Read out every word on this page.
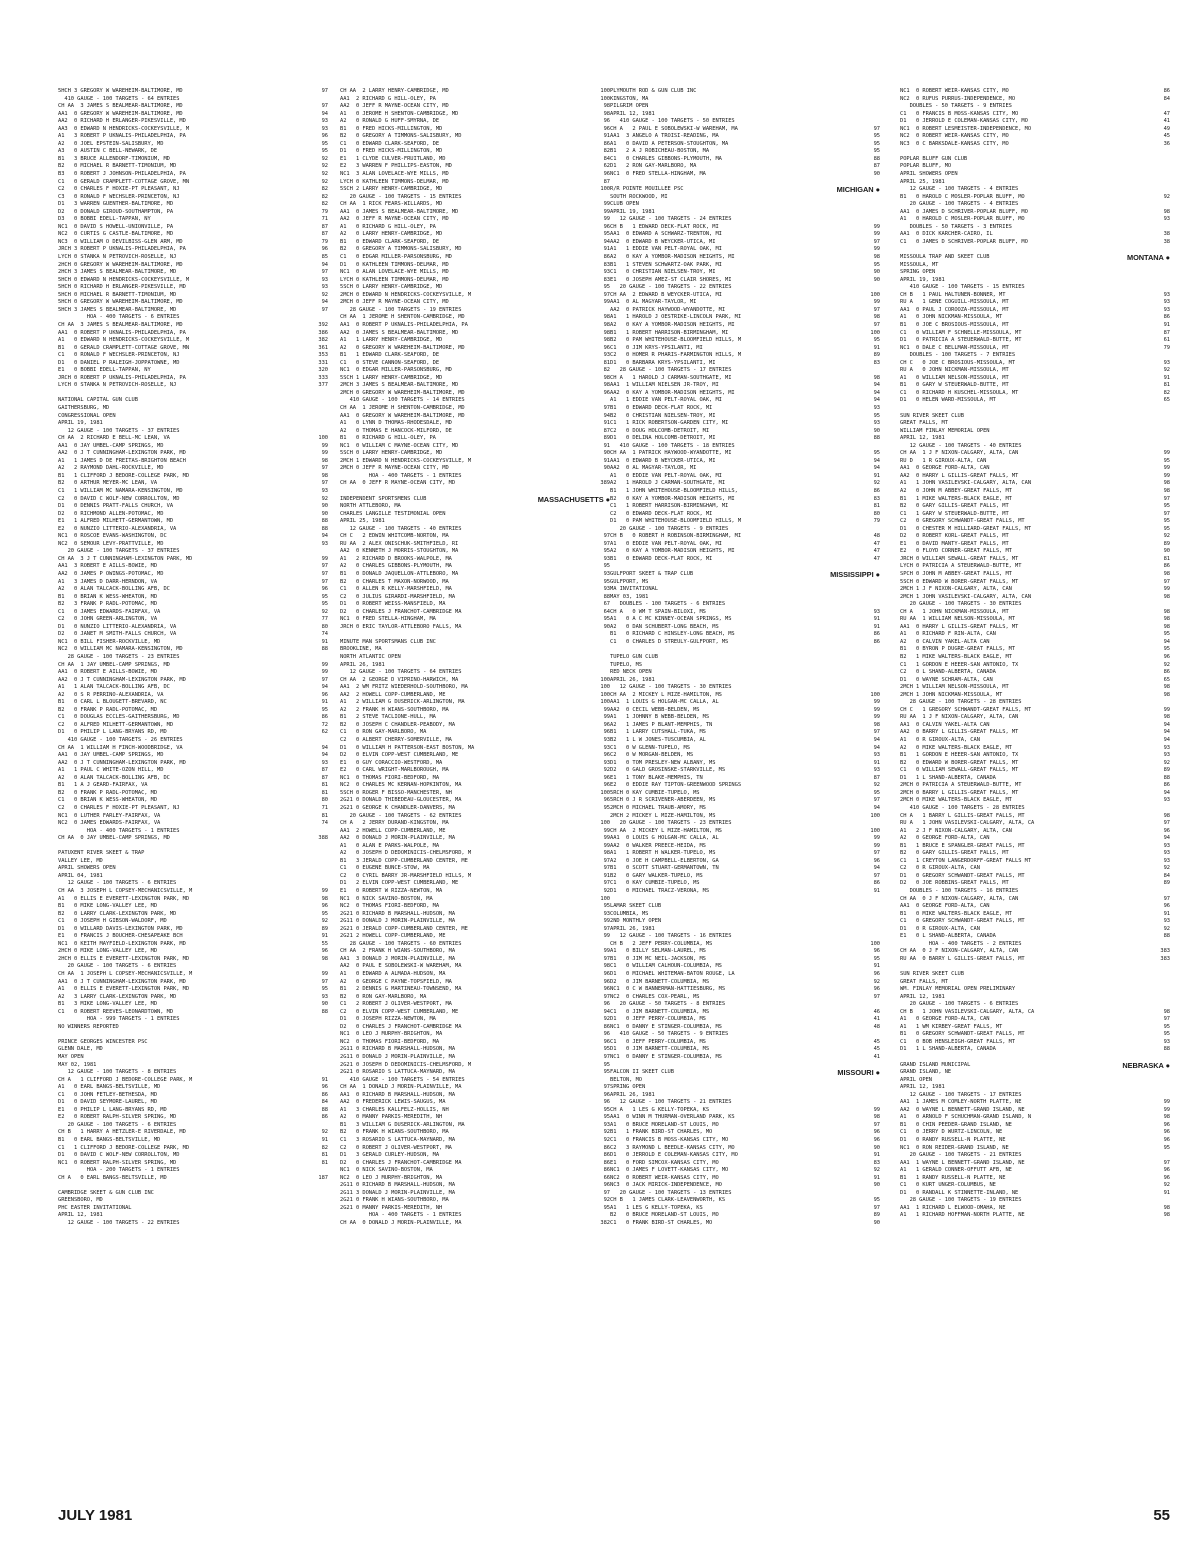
5HCH 3 GREGORY W WAREHEIM-BALTIMORE, MD	97
410 GAUGE - 100 TARGETS - 64 ENTRIES
CH AA  3 JAMES S BEALMEAR-BALTIMORE, MD	97
AA1  0 GREGORY W WAREHEIM-BALTIMORE, MD	94
AA2  0 RICHARD H ERLANGER-PIKESVILLE, MD	93
AA3  0 EDWARD N HENDRICKS-COCKEYSVILLE, M	93
A1   3 ROBERT P UKNALIS-PHILADELPHIA, PA	96
A2   0 JOEL EPSTEIN-SALISBURY, MD	95
A3   0 AUSTIN C BELL-NEWARK, DE	95
B1   3 BRUCE ALLENDORF-TIMONIUM, MD	92
B2   0 MICHAEL R BARNETT-TIMONIUM, MD	92
B3   0 ROBERT J JOHNSON-PHILADELPHIA, PA	92
C1   0 GERALD CRAMPLETT-COTTAGE GROVE, MN	92
C2   0 CHARLES F HOXIE-PT PLEASANT, NJ	82
C3   0 RONALD F WECHSLER-PRINCETON, NJ	82
D1   3 WARREN GUENTHER-BALTIMORE, MD	82
D2   0 DONALD GIROUD-SOUTHAMPTON, PA	79
D3   0 BOBBI EDELL-TAPPAN, NY	71
NC1  0 DAVID S HOWELL-UNIONVILLE, PA	87
NC2  0 CURTIS G CASTLE-BALTIMORE, MD	87
NC3  0 WILLIAM O DEVILBISS-GLEN ARM, MD	79
JRCH 3 ROBERT P UKNALIS-PHILADELPHIA, PA	96
LYCH 0 STANKA N PETROVICH-ROSELLE, NJ	85
2HCH 0 GREGORY W WAREHEIM-BALTIMORE, MD	94
2HCH 3 JAMES S BEALMEAR-BALTIMORE, MD	97
5HCH 0 EDWARD N HENDRICKS-COCKEYSVILLE, M	93
5HCH 0 RICHARD H ERLANGER-PIKESVILLE, MD	93
5HCH 0 MICHAEL R BARNETT-TIMONIUM, MD	92
5HCH 0 GREGORY W WAREHEIM-BALTIMORE, MD	94
5HCH 3 JAMES S BEALMEAR-BALTIMORE, MD	97
HOA - 400 TARGETS - 6 ENTRIES
CH AA  3 JAMES S BEALMEAR-BALTIMORE, MD	392
AA1  0 ROBERT P UKNALIS-PHILADELPHIA, PA	386
A1   0 EDWARD N HENDRICKS-COCKEYSVILLE, M	382
B1   0 GERALD CRAMPLETT-COTTAGE GROVE, MN	361
C1   0 RONALD F WECHSLER-PRINCETON, NJ	353
D1   0 DANIEL P RALEIGH-JOPPATOWNE, MD	331
E1   0 BOBBI EDELL-TAPPAN, NY	320
JRCH 0 ROBERT P UKNALIS-PHILADELPHIA, PA	333
LYCH 0 STANKA N PETROVICH-ROSELLE, NJ	377
NATIONAL CAPITAL GUN CLUB
GAITHERSBURG, MD
CONGRESSIONAL OPEN
APRIL 19, 1981
12 GAUGE - 100 TARGETS - 37 ENTRIES
CH AA  2 RICHARD E BELL-MC LEAN, VA	100
AA1  0 JAY UMBEL-CAMP SPRINGS, MD	99
AA2  0 J T CUNNINGHAM-LEXINGTON PARK, MD	99
A1   1 JAMES D DE FREITAS-BRIGHTON BEACH	98
A2   2 RAYMOND DAHL-ROCKVILLE, MD	97
B1   1 CLIFFORD J BEDORE-COLLEGE PARK, MD	98
B2   0 ARTHUR MEYER-MC LEAN, VA	97
C1   1 WILLIAM MC NAMARA-KENSINGTON, MD	93
C2   0 DAVID C WOLF-NEW CORROLLTON, MD	92
D1   0 DENNIS PRATT-FALLS CHURCH, VA	90
D2   0 RICHMOND ALLEN-POTOMAC, MD	90
E1   1 ALFRED MILHETT-GERMANTOWN, MD	88
E2   0 NUNZIO LITTERIO-ALEXANDRIA, VA	88
NC1  0 ROSCOE EVANS-WASHINGTON, DC	94
NC2  0 SEMOUR LEVY-PRATTVILLE, MD	93
20 GAUGE - 100 TARGETS - 37 ENTRIES
CH AA  3 J T CUNNINGHAM-LEXINGTON PARK, MD	99
AA1  3 ROBERT E AILLS-BOWIE, MD	97
AA2  0 JAMES P OWINGS-POTOMAC, MD	97
A1   3 JAMES D DARR-HERNDON, VA	97
A2   0 ALAN TALCACK-BOLLING AFB, DC	96
B1   0 BRIAN K WESS-WHEATON, MD	95
B2   3 FRANK P RADL-POTOMAC, MD	95
C1   0 JAMES EDWARDS-FAIRFAX, VA	92
C2   0 JOHN GREEN-ARLINGTON, VA	77
D1   0 NUNZIO LITTERIO-ALEXANDRIA, VA	80
D2   0 JANET M SMITH-FALLS CHURCH, VA	74
NC1  0 BILL FISHER-ROCKVILLE, MD	91
NC2  0 WILLIAM MC NAMARA-KENSINGTON, MD	88
28 GAUGE - 100 TARGETS - 23 ENTRIES
CH AA  1 JAY UMBEL-CAMP SPRINGS, MD	99
AA1  0 ROBERT E AILLS-BOWIE, MD	99
AA2  0 J T CUNNINGHAM-LEXINGTON PARK, MD	97
A1   1 ALAN TALCACK-BOLLING AFB, DC	94
A2   0 S R PERRINO-ALEXANDRIA, VA	96
B1   0 CARL L BLOUGETT-BREVARD, NC	91
B2   0 FRANK P RADL-POTOMAC, MD	95
C1   0 DOUGLAS ECCLES-GAITHERSBURG, MD	86
C2   0 ALFRED MILHETT-GERMANTOWN, MD	72
D1   0 PHILIP L LANG-BRYANS RD, MD	62
410 GAUGE - 100 TARGETS - 26 ENTRIES
CH AA  1 WILLIAM H FINCH-WOODBRIDGE, VA	94
AA1  0 JAY UMBEL-CAMP SPRINGS, MD	94
AA2  0 J T CUNNINGHAM-LEXINGTON PARK, MD	93
A1   1 PAUL C WHITE-OZON HILL, MD	87
A2   0 ALAN TALCACK-BOLLING AFB, DC	87
B1   1 A J GEARD-FAIRFAX, VA	81
B2   0 FRANK P RADL-POTOMAC, MD	81
C1   0 BRIAN K WESS-WHEATON, MD	80
C2   0 CHARLES F HOXIE-PT PLEASANT, NJ	71
NC1  0 LUTHER FARLEY-FAIRFAX, VA	81
NC2  0 JAMES EDWARDS-FAIRFAX, VA	74
HOA - 400 TARGETS - 1 ENTRIES
CH AA  0 JAY UMBEL-CAMP SPRINGS, MD	388
PATUXENT RIVER SKEET & TRAP
VALLEY LEE, MD
APRIL SHOWERS OPEN
APRIL 04, 1981
12 GAUGE - 100 TARGETS - 6 ENTRIES
CH AA  3 JOSEPH L COPSEY-MECHANICSVILLE, M	99
A1   0 ELLIS E EVERETT-LEXINGTON PARK, MD	98
B1   0 MIKE LONG-VALLEY LEE, MD	96
B2   0 LARRY CLARK-LEXINGTON PARK, MD	95
C1   0 JOSEPH H GIBSON-WALDORF, MD	92
D1   0 WILLARD DAVIS-LEXINGTON PARK, MD	89
E1   0 FRANCIS J BOUCHER-CHESAPEAKE BCH	91
NC1  0 KEITH MAYFIELD-LEXINGTON PARK, MD	55
2HCH 0 MIKE LONG-VALLEY LEE, MD	96
2HCH 0 ELLIS E EVERETT-LEXINGTON PARK, MD	98
20 GAUGE - 100 TARGETS - 6 ENTRIES
CH AA  1 JOSEPH L COPSEY-MECHANICSVILLE, M	99
AA1  0 J T CUNNINGHAM-LEXINGTON PARK, MD	97
A1   0 ELLIS E EVERETT-LEXINGTON PARK, MD	95
A2   3 LARRY CLARK-LEXINGTON PARK, MD	93
B1   3 MIKE LONG-VALLEY LEE, MD	90
C1   0 ROBERT REEVES-LEONARDTOWN, MD	88
HOA - 999 TARGETS - 1 ENTRIES
NO WINNERS REPORTED
PRINCE GEORGES WINCESTER PSC
GLENN DALE, MD
MAY OPEN
MAY 02, 1981
12 GAUGE - 100 TARGETS - 8 ENTRIES
CH A   1 CLIFFORD J BEDORE-COLLEGE PARK, M	91
A1   0 EARL BANGS-BELTSVILLE, MD	96
C1   0 JOHN FETLEY-BETHESDA, MD	86
D1   0 DAVID SEYMORE-LAUREL, MD	84
E1   0 PHILIP L LANG-BRYANS RD, MD	88
E2   0 ROBERT RALPH-SILVER SPRING, MD	86
20 GAUGE - 100 TARGETS - 6 ENTRIES
CH B   1 HARRY A HETZLER-E RIVERDALE, MD	92
B1   0 EARL BANGS-BELTSVILLE, MD	91
C1   1 CLIFFORD J BEDORE-COLLEGE PARK, MD	82
D1   0 DAVID C WOLF-NEW CORROLLTON, MD	81
NC1  0 ROBERT RALPH-SILVER SPRING, MD	81
HOA - 200 TARGETS - 1 ENTRIES
CH A   0 EARL BANGS-BELTSVILLE, MD	187
CAMBRIDGE SKEET & GUN CLUB INC
GREENSBORO, MD
PHC EASTER INVITATIONAL
APRIL 12, 1981
12 GAUGE - 100 TARGETS - 22 ENTRIES
CH AA  2 LARRY HENRY-CAMBRIDGE, MD	100
AA1  2 RICHARD G HILL-OLEY, PA	100
AA2  0 JEFF R MAYNE-OCEAN CITY, MD	98
A1   0 JEROME H SHENTON-CAMBRIDGE, MD	98
A2   0 RONALD G HUFF-SMYRNA, DE	96
B1   0 FRED HICKS-MILLINGTON, MD	96
B2   0 GREGORY A TIMMONS-SALISBURY, MD	91
C1   0 EDWARD CLARK-SEAFORD, DE	86
D1   0 FRED HICKS-MILLINGTON, MD	82
E1   1 CLYDE CULVER-FRUITLAND, MD	84
E2   3 WARREN F PHILLIPS-EASTON, MD	62
NC1  3 ALAN LOVELACE-WYE MILLS, MD	96
LYCH 0 KATHLEEN TIMMONS-DELMAR, MD	87
5SCH 2 LARRY HENRY-CAMBRIDGE, MD	100
20 GAUGE - 100 TARGETS - 15 ENTRIES
CH AA  1 RICK FEARS-WILLARDS, MD	99
AA1  0 JAMES S BEALMEAR-BALTIMORE, MD	99
AA2  0 JEFF R MAYNE-OCEAN CITY, MD	99
A1   0 RICHARD G HILL-OLEY, PA	96
A2   0 LARRY HENRY-CAMBRIDGE, MD	95
B1   0 EDWARD CLARK-SEAFORD, DE	94
B2   0 GREGORY A TIMMONS-SALISBURY, MD	91
C1   0 EDGAR MILLER-PARSONSBURG, MD	86
D1   0 KATHLEEN TIMMONS-DELMAR, MD	83
NC1  0 ALAN LOVELACE-WYE MILLS, MD	93
LYCH 0 KATHLEEN TIMMONS-DELMAR, MD	83
5SCH 0 LARRY HENRY-CAMBRIDGE, MD	95
2MCH 0 EDWARD N HENDRICKS-COCKEYSVILLE, M	97
2MCH 0 JEFF R MAYNE-OCEAN CITY, MD	99
28 GAUGE - 100 TARGETS - 19 ENTRIES
CH AA  1 JEROME H SHENTON-CAMBRIDGE, MD	98
AA1  0 ROBERT P UKNALIS-PHILADELPHIA, PA	98
AA2  0 JAMES S BEALMEAR-BALTIMORE, MD	98
A1   1 LARRY HENRY-CAMBRIDGE, MD	98
A2   0 GREGORY W WAREHEIM-BALTIMORE, MD	96
B1   1 EDWARD CLARK-SEAFORD, DE	93
C1   0 STEVE CANNON-SEAFORD, DE	81
NC1  0 EDGAR MILLER-PARSONSBURG, MD	82
5SCH 1 LARRY HENRY-CAMBRIDGE, MD	98
2MCH 3 JAMES S BEALMEAR-BALTIMORE, MD	98
2MCH 0 GREGORY W WAREHEIM-BALTIMORE, MD	96
410 GAUGE - 100 TARGETS - 14 ENTRIES
CH AA  1 JEROME H SHENTON-CAMBRIDGE, MD	97
AA1  0 GREGORY W WAREHEIM-BALTIMORE, MD	94
A1   0 LYNN D THOMAS-RHODESDALE, MD	91
A2   0 THOMAS E HANCOCK-MILFORD, DE	87
B1   0 RICHARD G HILL-OLEY, PA	89
NC1  0 WILLIAM C MAYNE-OCEAN CITY, MD	91
5SCH 0 LARRY HENRY-CAMBRIDGE, MD	90
2MCH 1 EDWARD N HENDRICKS-COCKEYSVILLE, M	91
2MCH 0 JEFF R MAYNE-OCEAN CITY, MD	90
HOA - 400 TARGETS - 1 ENTRIES
CH AA  0 JEFF R MAYNE-OCEAN CITY, MD	389
INDEPENDENT SPORTSMENS CLUB	MASSACHUSETTS ●
NORTH ATTLEBORO, MA
CHARLES LANGILLE TESTIMONIAL OPEN
APRIL 25, 1981
12 GAUGE - 100 TARGETS - 40 ENTRIES
CH C   2 EDWIN WHITCOMB-NORTON, MA	97
RU AA  2 ALEX ONISCHUK-SMITHFIELD, RI	97
AA2  0 KENNETH J MORRIS-STOUGHTON, MA	95
A1   2 RICHARD D BROOKS-WALPOLE, MA	93
A2   0 CHARLES GIBBONS-PLYMOUTH, MA	95
B1   0 DONALD JAQUELLON-ATTLEBORO, MA	93
B2   0 CHARLES T MAXON-NORWOOD, MA	95
C1   0 ALLEN R KELLY-MARSHFIELD, MA	93
C2   0 JULIUS GIRARDI-MARSHFIELD, MA	88
D1   0 ROBERT WEISS-MANSFIELD, MA	67
D2   0 CHARLES J FRANCHOT-CAMBRIDGE MA	64
NC1  0 FRED STELLA-HINGHAM, MA	95
JRCH 0 ERIC TAYLOR-ATTLEBORO FALLS, MA	90
MINUTE MAN SPORTSMANS CLUB INC
BROOKLINE, MA
NORTH ATLANTIC OPEN
APRIL 26, 1981
12 GAUGE - 100 TARGETS - 64 ENTRIES
CH AA  2 GEORGE D VIPRINO-HARWICH, MA	100
AA1  2 WM FRITZ WIEDERHOLD-SOUTHBORO, MA	100
AA2  2 HOWELL COPP-CUMBERLAND, ME	100
A1   2 WILLIAM G DUSERICK-ARLINGTON, MA	100
A2   2 FRANK H WIANS-SOUTHBORO, MA	99
B1   2 STEVE TACLIONE-HULL, MA	99
B2   0 JOSEPH C CHANDLER-PEABODY, MA	96
C1   0 RON GAY-MARLBORO, MA	96
C2   0 ALBERT CHERRY-SOMERVILLE, MA	93
D1   0 WILLIAM H PATTERSON-EAST BOSTON, MA	93
D2   0 ELVIN COPP-WEST CUMBERLAND, ME	96
E1   0 GUY CORACCIO-WESTFORD, MA	93
E2   0 CARL WRIGHT-MARLBOROUGH, MA	92
NC1  0 THOMAS FIORI-BEDFORD, MA	96
NC2  0 CHARLES MC KERNAN-HOPKINTON, MA	96
5SCH 0 ROGER F BISSO-MANCHESTER, NH	100
2G21 0 DONALD THIBEDEAU-GLOUCESTER, MA	96
2G21 0 GEORGE K CHANDLER-DANVERS, MA	95
20 GAUGE - 100 TARGETS - 62 ENTRIES
CH A   2 JERRY DURAND-KINGSTON, MA	100
AA1  2 HOWELL COPP-CUMBERLAND, ME	99
AA2  0 DONALD J MORIN-PLAINVILLE, MA	99
A1   0 ALAN E PARKS-WALPOLE, MA	99
A2   0 JOSEPH D DEDOMINICIS-CHELMSFORD, M	98
B1   3 JERALD COPP-CUMBERLAND CENTER, ME	97
C1   0 EUGENE BUNCE-STOW, MA	97
C2   0 CYRIL BARRY JR-MARSHFIELD HILLS, M	91
D1   2 ELVIN COPP-WEST CUMBERLAND, ME	97
E1   0 ROBERT W RIZZA-NEWTON, MA	92
NC1  0 NICK SAVINO-BOSTON, MA	100
NC2  0 THOMAS FIORI-BEDFORD, MA	95
2G21 0 RICHARD B MARSHALL-HUDSON, MA	93
2G11 0 DONALD J MORIN-PLAINVILLE, MA	99
2G21 0 JERALD COPP-CUMBERLAND CENTER, ME	97
2G21 2 HOWELL COPP-CUMBERLAND, ME	99
28 GAUGE - 100 TARGETS - 60 ENTRIES
CH AA  2 FRANK H WIANS-SOUTHBORO, MA	99
AA1  3 DONALD J MORIN-PLAINVILLE, MA	97
AA2  0 PAUL E SOBOLEWSKI-W WAREHAM, MA	98
A1   0 EDWARD A ALMADA-HUDSON, MA	96
A2   0 GEORGE C PAYNE-TOPSFIELD, MA	96
B1   2 DENNIS G MARTINEAU-TOWNSEND, MA	96
B2   0 RON GAY-MARLBORO, MA	97
C1   2 ROBERT J OLIVER-WESTPORT, MA	96
C2   0 ELVIN COPP-WEST CUMBERLAND, ME	94
D1   0 JOSEPH RIZZA-NEWTON, MA	92
D2   0 CHARLES J FRANCHOT-CAMBRIDGE MA	86
NC1  0 LEO J MURPHY-BRIGHTON, MA	96
NC2  0 THOMAS FIORI-BEDFORD, MA	96
2G11 0 RICHARD B MARSHALL-HUDSON, MA	95
2G11 0 DONALD J MORIN-PLAINVILLE, MA	97
2G21 0 JOSEPH D DEDOMINICIS-CHELMSFORD, M	95
2G21 0 ROSARIO S LATTUCA-MAYNARD, MA	95
410 GAUGE - 100 TARGETS - 54 ENTRIES
CH AA  1 DONALD J MORIN-PLAINVILLE, MA	97
AA1  0 RICHARD B MARSHALL-HUDSON, MA	96
AA2  0 FREDERICK LEWIS-SAUGUS, MA	96
A1   3 CHARLES KALLFELZ-HOLLIS, NH	95
A2   0 MANNY PARKIS-MEREDITH, NH	95
B1   3 WILLIAM G DUSERICK-ARLINGTON, MA	93
B2   0 FRANK H WIANS-SOUTHBORO, MA	92
C1   3 ROSARIO S LATTUCA-MAYNARD, MA	92
C2   0 ROBERT J OLIVER-WESTPORT, MA	86
D1   3 GERALD CURLEY-HUDSON, MA	86
D2   0 CHARLES J FRANCHOT-CAMBRIDGE MA	86
NC1  0 NICK SAVINO-BOSTON, MA	86
NC2  0 LEO J MURPHY-BRIGHTON, MA	66
2G11 0 RICHARD B MARSHALL-HUDSON, MA	96
2G11 3 DONALD J MORIN-PLAINVILLE, MA	97
2G21 0 FRANK H WIANS-SOUTHBORO, MA	92
2G21 0 MANNY PARKIS-MEREDITH, NH	95
HOA - 400 TARGETS - 1 ENTRIES
CH AA  0 DONALD J MORIN-PLAINVILLE, MA	382
PLYMOUTH ROD & GUN CLUB INC
KINGSTON, MA
PILGRIM OPEN
APRIL 12, 1981
410 GAUGE - 100 TARGETS - 50 ENTRIES
CH A   2 PAUL E SOBOLEWSKI-W WAREHAM, MA	97
AA1  3 ANGELO A TROISI-READING, MA	95
A1   0 DAVID A PETERSON-STOUGHTON, MA	95
B1   2 A J ROBICHEAU-BOSTON, MA	95
C1   0 CHARLES GIBBONS-PLYMOUTH, MA	88
D1   2 RON GAY-MARLBORO, MA	87
NC1  0 FRED STELLA-HINGHAM, MA	90
R/R POINTE MOUILLEE PSC	MICHIGAN ●
SOUTH ROCKWOOD, MI
CLUB OPEN
APRIL 19, 1981
12 GAUGE - 100 TARGETS - 24 ENTRIES
CH B   1 EDWARD DECK-FLAT ROCK, MI	99
AA1  0 EDWARD A SCHWARZ-TRENTON, MI	99
AA2  0 EDWARD B WEYCKER-UTICA, MI	97
A1   1 EDDIE VAN PELT-ROYAL OAK, MI	99
A2   0 KAY A YOMBOR-MADISON HEIGHTS, MI	98
B1   1 STEVEN SCHWARTZ-OAK PARK, MI	95
C1   0 CHRISTIAN NIELSEN-TROY, MI	90
E1   0 JOSEPH AMEZ-ST CLAIR SHORES, MI	90
20 GAUGE - 100 TARGETS - 22 ENTRIES
CH AA  2 EDWARD B WEYCKER-UTICA, MI	100
AA1  0 AL MAGYAR-TAYLOR, MI	99
AA2  0 PATRICK HAYWOOD-WYANDOTTE, MI	97
A1   1 HAROLD J OESTRIKE-LINCOLN PARK, MI	98
A2   0 KAY A YOMBOR-MADISON HEIGHTS, MI	97
B1   1 ROBERT HARRISON-BIRMINGHAM, MI	100
B2   0 PAM WHITEHOUSE-BLOOMFIELD HILLS, M	95
C1   0 JIM KRYS-YPSILANTI, MI	91
C2   0 HOMER R PHARIS-FARMINGTON HILLS, M	89
D1   0 BARBARA KRYS-YPSILANTI, MI	83
28 GAUGE - 100 TARGETS - 17 ENTRIES
CH A   1 HAROLD J CARMAN-SOUTHGATE, MI	98
AA1  1 WILLIAM NIELSEN JR-TROY, MI	94
AA2  0 KAY A YOMBOR-MADISON HEIGHTS, MI	94
A1   1 EDDIE VAN PELT-ROYAL OAK, MI	94
B1   0 EDWARD DECK-FLAT ROCK, MI	93
B2   0 CHRISTIAN NIELSEN-TROY, MI	95
C1   1 RICK ROBERTSON-GARDEN CITY, MI	93
C2   0 DOUG HOLCOMB-DETROIT, MI	90
D1   0 DELINA HOLCOMB-DETROIT, MI	88
410 GAUGE - 100 TARGETS - 18 ENTRIES
CH AA  1 PATRICK HAYWOOD-WYANDOTTE, MI	95
AA1  0 EDWARD B WEYCKER-UTICA, MI	94
AA2  0 AL MAGYAR-TAYLOR, MI	94
A1   0 EDDIE VAN PELT-ROYAL OAK, MI	91
A2   1 HAROLD J CARMAN-SOUTHGATE, MI	92
B1   1 JOHN WHITEHOUSE-BLOOMFIELD HILLS,	86
B2   0 KAY A YOMBOR-MADISON HEIGHTS, MI	83
C1   1 ROBERT HARRISON-BIRMINGHAM, MI	81
C2   0 EDWARD DECK-FLAT ROCK, MI	80
D1   0 PAM WHITEHOUSE-BLOOMFIELD HILLS, M	79
20 GAUGE - 100 TARGETS - 9 ENTRIES
CH B   0 ROBERT H ROBINSON-BIRMINGHAM, MI	48
A1   0 EDDIE VAN PELT-ROYAL OAK, MI	47
A2   0 KAY A YOMBOR-MADISON HEIGHTS, MI	47
B1   0 EDWARD DECK-FLAT ROCK, MI	47
GULFPORT SKEET & TRAP CLUB	MISSISSIPPI ●
GULFPORT, MS
MA INVITATIONAL
MAY 03, 1981
DOUBLES - 100 TARGETS - 6 ENTRIES
CH A   0 WM T SPAIN-BILOXI, MS	93
A1   0 A C MC KINNEY-OCEAN SPRINGS, MS	91
A2   0 DAN SCHUBERT-LONG BEACH, MS	91
B1   0 RICHARD C HINSLEY-LONG BEACH, MS	86
C1   0 CHARLES D STREULY-GULFPORT, MS	86
TUPELO GUN CLUB
TUPELO, MS
RED NECK OPEN
APRIL 26, 1981
12 GAUGE - 100 TARGETS - 30 ENTRIES
CH AA  2 MICKEY L MIZE-HAMILTON, MS	100
AA1  1 LOUIS G HOLGAN-MC CALLA, AL	99
AA2  0 CECIL WEBB-BELDEN, MS	99
A1   1 JOHNNY B WEBB-BELDEN, MS	99
A2   1 JAMES P BLANT-MEMPHIS, TN	98
B1   1 LARRY CUTSHALL-TUKA, MS	97
B2   1 L W JONES-TUSCUMBIA, AL	94
C1   0 W GLENN-TUPELO, MS	94
C2   0 W MORGAN-BELDEN, MS	93
D1   0 TOM PRESLEY-NEW ALBANY, MS	91
D2   0 GALD GROSINSKE-STARKVILLE, MS	93
E1   1 TONY BLAKE-MEMPHIS, TN	87
E2   0 EDDIE RAY TIPTON-GREENWOOD SPRINGS	92
5RCH 0 KAY CUMBIE-TUPELO, MS	95
5RCH 0 J R SCRIVENER-ABERDEEN, MS	97
2MCH 0 MICHAEL TRAUB-AMORY, MS	94
2MCH 2 MICKEY L MIZE-HAMILTON, MS	100
20 GAUGE - 100 TARGETS - 23 ENTRIES
CH AA  2 MICKEY L MIZE-HAMILTON, MS	100
AA1  0 LOUIS G HOLGAN-MC CALLA, AL	99
AA2  0 WALKER PREECE-HEIDA, MS	99
A1   1 ROBERT H WALKER-TUPELO, MS	97
A2   0 JOE H CAMPBELL-ELBERTON, GA	96
B1   0 SCOTT STUART-GERMANTOWN, TN	94
B2   0 GARY WALKER-TUPELO, MS	97
C1   0 KAY CUMBIE-TUPELO, MS	86
D1   0 MICHAEL TRACZ-VERONA, MS	91
LAMAR SKEET CLUB
COLUMBIA, MS
2ND MONTHLY OPEN
APRIL 26, 1981
12 GAUGE - 100 TARGETS - 16 ENTRIES
CH B   2 JEFF PERRY-COLUMBIA, MS	100
A1   0 BILLY SELMAN-LAUREL, MS	96
B1   0 JIM MC NEIL-JACKSON, MS	95
C1   0 WILLIAM CALHOUN-COLUMBIA, MS	91
D1   0 MICHAEL WHITEMAN-BATON ROUGE, LA	96
D2   0 JIM BARNETT-COLUMBIA, MS	92
NC1  0 C W BANNERMAN-HATTIESBURG, MS	96
NC2  0 CHARLES COX-PEARL, MS	97
20 GAUGE - 50 TARGETS - 8 ENTRIES
C1   0 JIM BARNETT-COLUMBIA, MS	46
D1   0 JEFF PERRY-COLUMBIA, MS	41
NC1  0 DANNY E STINGER-COLUMBIA, MS	48
410 GAUGE - 50 TARGETS - 9 ENTRIES
C1   0 JEFF PERRY-COLUMBIA, MS	45
D1   0 JIM BARNETT-COLUMBIA, MS	45
NC1  0 DANNY E STINGER-COLUMBIA, MS	41
FALCON II SKEET CLUB	MISSOURI ●
BELTON, MO
SPRING OPEN
APRIL 26, 1981
12 GAUGE - 100 TARGETS - 21 ENTRIES
CH A   1 LES G KELLY-TOPEKA, KS	99
AA1  0 WINN M THURMAN-OVERLAND PARK, KS	98
A1   0 BRUCE MORELAND-ST LOUIS, MO	97
B1   1 FRANK BIRD-ST CHARLES, MO	96
C1   0 FRANCIS B MOSS-KANSAS CITY, MO	96
C2   3 RAYMOND L BEEDLE-KANSAS CITY, MO	90
D1   0 JERROLD E COLEMAN-KANSAS CITY, MO	91
E1   0 FORD SIMCOX-KANSAS CITY, MO	83
NC1  0 JAMES F LOVETT-KANSAS CITY, MO	92
NC2  0 ROBERT WEIR-KANSAS CITY, MO	91
NC3  0 JACK MIRICK-INDEPENDENCE, MO	90
20 GAUGE - 100 TARGETS - 13 ENTRIES
CH B   1 JAMES CLARK-LEAVENWORTH, KS	95
A1   1 LES G KELLY-TOPEKA, KS	97
B2   0 BRUCE MORELAND-ST LOUIS, MO	89
C1   0 FRANK BIRD-ST CHARLES, MO	90
NC1  0 ROBERT WEIR-KANSAS CITY, MO	86
NC2  0 RUFUS PURRUS-INDEPENDENCE, MO	84
DOUBLES - 50 TARGETS - 9 ENTRIES
C1   0 FRANCIS B MOSS-KANSAS CITY, MO	47
D1   0 JERROLD E COLEMAN-KANSAS CITY, MO	41
NC1  0 ROBERT LESMEISTER-INDEPENDENCE, MO	49
NC2  0 ROBERT WEIR-KANSAS CITY, MO	45
NC3  0 C BARKSDALE-KANSAS CITY, MO	36
POPLAR BLUFF GUN CLUB
POPLAR BLUFF, MO
APRIL SHOWERS OPEN
APRIL 25, 1981
12 GAUGE - 100 TARGETS - 4 ENTRIES
B1   0 HAROLD C MOSLER-POPLAR BLUFF, MO	92
20 GAUGE - 100 TARGETS - 4 ENTRIES
AA1  0 JAMES D SCHRIVER-POPLAR BLUFF, MO	98
A1   0 HAROLD C MOSLER-POPLAR BLUFF, MO	93
DOUBLES - 50 TARGETS - 3 ENTRIES
AA1  0 DICK KARCHER-CAIRO, IL	38
C1   0 JAMES D SCHRIVER-POPLAR BLUFF, MO	38
MISSOULA TRAP AND SKEET CLUB	MONTANA ●
MISSOULA, MT
SPRING OPEN
APRIL 19, 1981
410 GAUGE - 100 TARGETS - 15 ENTRIES
CH B   1 PAUL HALTUNEN-BONNER, MT	93
RU A   1 GENE COGUILL-MISSOULA, MT	93
AA1  0 PAUL J COROOZA-MISSOULA, MT	93
A1   0 JOHN NICKMAN-MISSOULA, MT	86
B1   0 JOE C BROSIOUS-MISSOULA, MT	91
C1   0 WILLIAM F SCHNELLE-MISSOULA, MT	87
D1   0 PATRICIA A STEUERWALD-BUTTE, MT	61
NC1  0 DALE C BELLMAN-MISSOULA, MT	79
DOUBLES - 100 TARGETS - 7 ENTRIES
CH C   0 JOE C BROSIOUS-MISSOULA, MT	93
RU A   0 JOHN NICKMAN-MISSOULA, MT	92
A1   0 WILLIAM NELSON-MISSOULA, MT	91
B1   0 GARY W STEUERWALD-BUTTE, MT	81
C1   0 RICHARD H KUSCHEL-MISSOULA, MT	82
D1   0 HELEN WARD-MISSOULA, MT	65
SUN RIVER SKEET CLUB
GREAT FALLS, MT
WILLIAM FINLAY MEMORIAL OPEN
APRIL 12, 1981
12 GAUGE - 100 TARGETS - 40 ENTRIES
CH AA  1 J F NIXON-CALGARY, ALTA, CAN	99
RU D   1 R GIROUX-ALTA, CAN	95
AA1  0 GEORGE FORD-ALTA, CAN	99
AA2  0 HARRY L GILLIS-GREAT FALLS, MT	99
A1   1 JOHN VASILEVSKI-CALGARY, ALTA, CAN	98
A2   0 JOHN M ABBEY-GREAT FALLS, MT	98
B1   1 MIKE WALTERS-BLACK EAGLE, MT	97
B2   0 GARY GILLIS-GREAT FALLS, MT	95
C1   1 GARY W STEUERWALD-BUTTE, MT	97
C2   0 GREGORY SCHWANDT-GREAT FALLS, MT	95
D1   0 CHESTER M HILLIARD-GREAT FALLS, MT	95
D2   0 ROBERT KORL-GREAT FALLS, MT	92
E1   0 DAVID MANTY-GREAT FALLS, MT	89
E2   0 FLOYD CORNER-GREAT FALLS, MT	90
JRCH 0 WILLIAM SEWALL-GREAT FALLS, MT	81
LYCH 0 PATRICIA A STEUERWALD-BUTTE, MT	86
SPCH 0 JOHN M ABBEY-GREAT FALLS, MT	98
5SCH 0 EDWARD W BORER-GREAT FALLS, MT	97
2MCH 1 J F NIXON-CALGARY, ALTA, CAN	99
2MCH 1 JOHN VASILEVSKI-CALGARY, ALTA, CAN	98
20 GAUGE - 100 TARGETS - 30 ENTRIES
CH A   1 JOHN NICKMAN-MISSOULA, MT	98
RU AA  1 WILLIAM NELSON-MISSOULA, MT	98
AA1  0 HARRY L GILLIS-GREAT FALLS, MT	98
A1   0 RICHARD F RIN-ALTA, CAN	95
A2   0 CALVIN YAKEL-ALTA CAN	94
B1   0 BYRON P DUGRE-GREAT FALLS, MT	95
B2   1 MIKE WALTERS-BLACK EAGLE, MT	96
C1   1 GORDON E HEEER-SAN ANTONIO, TX	92
C2   0 L SHAND-ALBERTA, CANADA	86
D1   0 WAYNE SCHRAM-ALTA, CAN	65
2MCH 1 WILLIAM NELSON-MISSOULA, MT	98
2MCH 1 JOHN NICKMAN-MISSOULA, MT	98
28 GAUGE - 100 TARGETS - 28 ENTRIES
CH C   1 GREGORY SCHWANDT-GREAT FALLS, MT	99
RU AA  1 J F NIXON-CALGARY, ALTA, CAN	98
AA1  0 CALVIN YAKEL-ALTA CAN	94
AA2  0 BARRY L GILLIS-GREAT FALLS, MT	94
A1   0 R GIROUX-ALTA, CAN	94
A2   0 MIKE WALTERS-BLACK EAGLE, MT	93
B1   1 GORDON E HEEER-SAN ANTONIO, TX	93
B2   0 EDWARD W BORER-GREAT FALLS, MT	92
C1   0 WILLIAM SEWALL-GREAT FALLS, MT	89
D1   1 L SHAND-ALBERTA, CANADA	88
2MCH 0 PATRICIA A STEUERWALD-BUTTE, MT	86
2MCH 0 BARRY L GILLIS-GREAT FALLS, MT	94
2MCH 0 MIKE WALTERS-BLACK EAGLE, MT	93
410 GAUGE - 100 TARGETS - 28 ENTRIES
CH A   1 BARRY L GILLIS-GREAT FALLS, MT	98
RU A   1 JOHN VASILEVSKI-CALGARY, ALTA, CA	97
A1   2 J F NIXON-CALGARY, ALTA, CAN	96
A2   0 GEORGE FORD-ALTA, CAN	94
B1   1 BRUCE E SPANGLER-GREAT FALLS, MT	93
B2   0 GARY GILLIS-GREAT FALLS, MT	93
C1   1 CREYTON LANGERDORFF-GREAT FALLS MT	93
C2   0 R GIROUX-ALTA, CAN	92
D1   0 GREGORY SCHWANDT-GREAT FALLS, MT	84
D2   0 JOE ROBBINS-GREAT FALLS, MT	89
DOUBLES - 100 TARGETS - 16 ENTRIES
CH AA  0 J F NIXON-CALGARY, ALTA, CAN	97
AA1  0 GEORGE FORD-ALTA, CAN	96
B1   0 MIKE WALTERS-BLACK EAGLE, MT	91
C1   0 GREGORY SCHWANDT-GREAT FALLS, MT	93
D1   0 R GIROUX-ALTA, CAN	92
E1   0 L SHAND-ALBERTA, CANADA	88
HOA - 400 TARGETS - 2 ENTRIES
CH AA  0 J F NIXON-CALGARY, ALTA, CAN	383
RU AA  0 BARRY L GILLIS-GREAT FALLS, MT	383
SUN RIVER SKEET CLUB
GREAT FALLS, MT
WM. FINLAY MEMORIAL OPEN PRELIMINARY
APRIL 12, 1981
20 GAUGE - 100 TARGETS - 6 ENTRIES
CH B   1 JOHN VASILEVSKI-CALGARY, ALTA, CA	98
A1   0 GEORGE FORD-ALTA, CAN	97
A1   1 WM KIRBEY-GREAT FALLS, MT	95
B1   0 GREGORY SCHWANDT-GREAT FALLS, MT	95
C1   0 BOB HENSLEIGH-GREAT FALLS, MT	93
D1   1 L SHAND-ALBERTA, CANADA	88
GRAND ISLAND MUNICIPAL	NEBRASKA ●
GRAND ISLAND, NE
APRIL OPEN
APRIL 12, 1981
12 GAUGE - 100 TARGETS - 17 ENTRIES
AA1  1 JAMES M COMLEY-NORTH PLATTE, NE	99
AA2  0 WAYNE L BENNETT-GRAND ISLAND, NE	99
A1   0 ARNOLD F SCHUCHMAN-GRAND ISLAND, N	98
B1   0 CHIN PEEDER-GRAND ISLAND, NE	96
C1   0 JERRY D WURTZ-LINCOLN, NE	96
D1   0 RANDY RUSSELL-N PLATTE, NE	96
NC1  0 RON REIDER-GRAND ISLAND, NE	95
20 GAUGE - 100 TARGETS - 21 ENTRIES
AA1  1 WAYNE L BENNETT-GRAND ISLAND, NE	97
A1   1 GERALD CONNER-OFFUTT AFB, NE	96
B1   1 RANDY RUSSELL-N PLATTE, NE	96
C1   0 KURT UNGER-COLUMBUS, NE	92
D1   0 RANDALL K STINNETTE-INLAND, NE	91
28 GAUGE - 100 TARGETS - 19 ENTRIES
AA1  1 RICHARD L ELWOOD-OMAHA, NE	98
A1   1 RICHARD HOFFMAN-NORTH PLATTE, NE	98
JULY 1981	55
